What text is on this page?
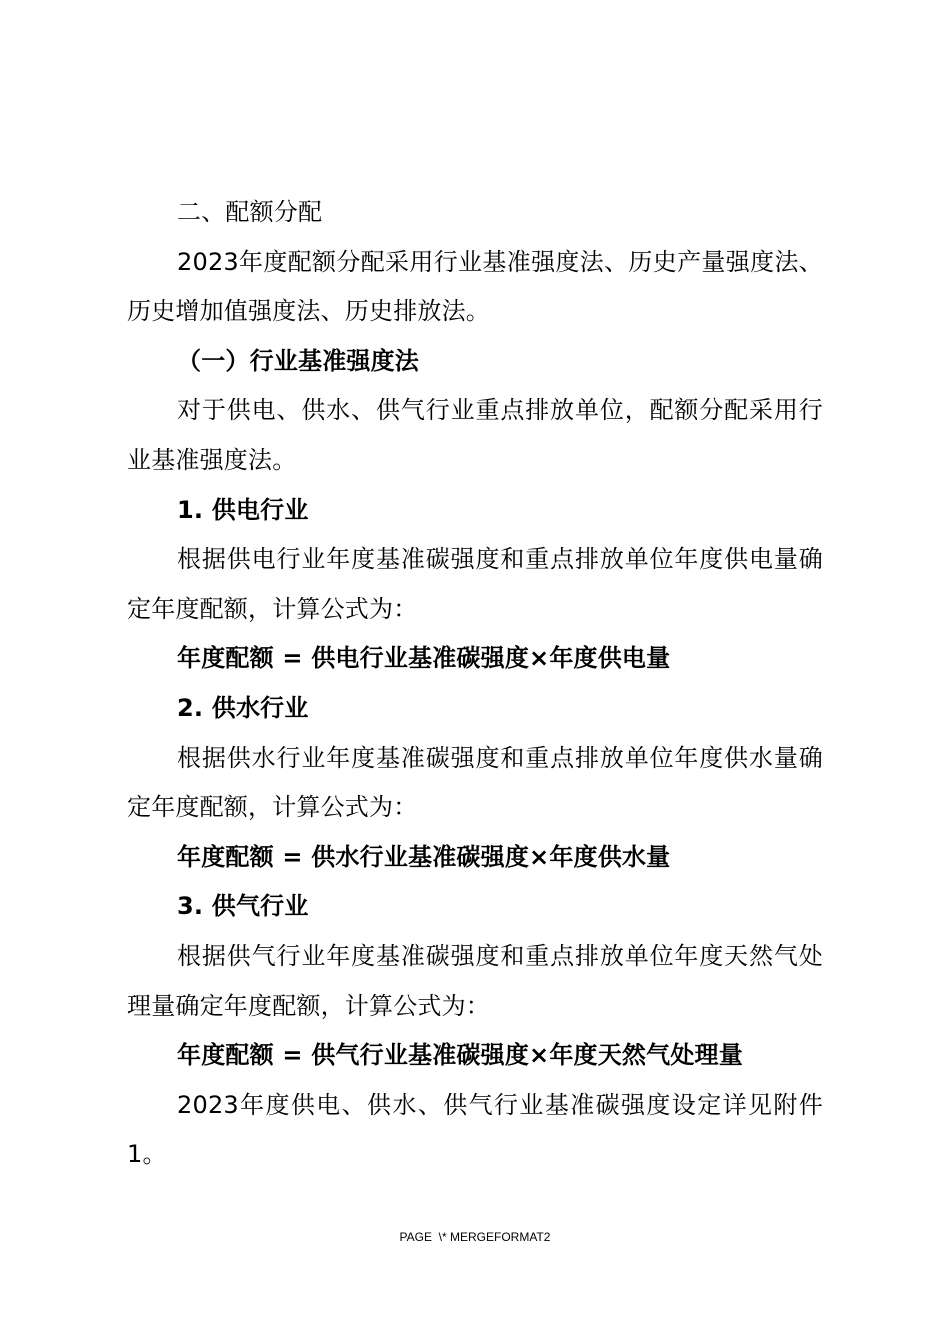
二、配额分配

2023年度配额分配采用行业基准强度法、历史产量强度法、历史增加值强度法、历史排放法。

（一）行业基准强度法

对于供电、供水、供气行业重点排放单位，配额分配采用行业基准强度法。

1. 供电行业

根据供电行业年度基准碳强度和重点排放单位年度供电量确定年度配额，计算公式为：

年度配额 = 供电行业基准碳强度×年度供电量

2. 供水行业

根据供水行业年度基准碳强度和重点排放单位年度供水量确定年度配额，计算公式为：

年度配额 = 供水行业基准碳强度×年度供水量

3. 供气行业

根据供气行业年度基准碳强度和重点排放单位年度天然气处理量确定年度配额，计算公式为：

年度配额 = 供气行业基准碳强度×年度天然气处理量

2023年度供电、供水、供气行业基准碳强度设定详见附件1。

PAGE  \* MERGEFORMAT2
